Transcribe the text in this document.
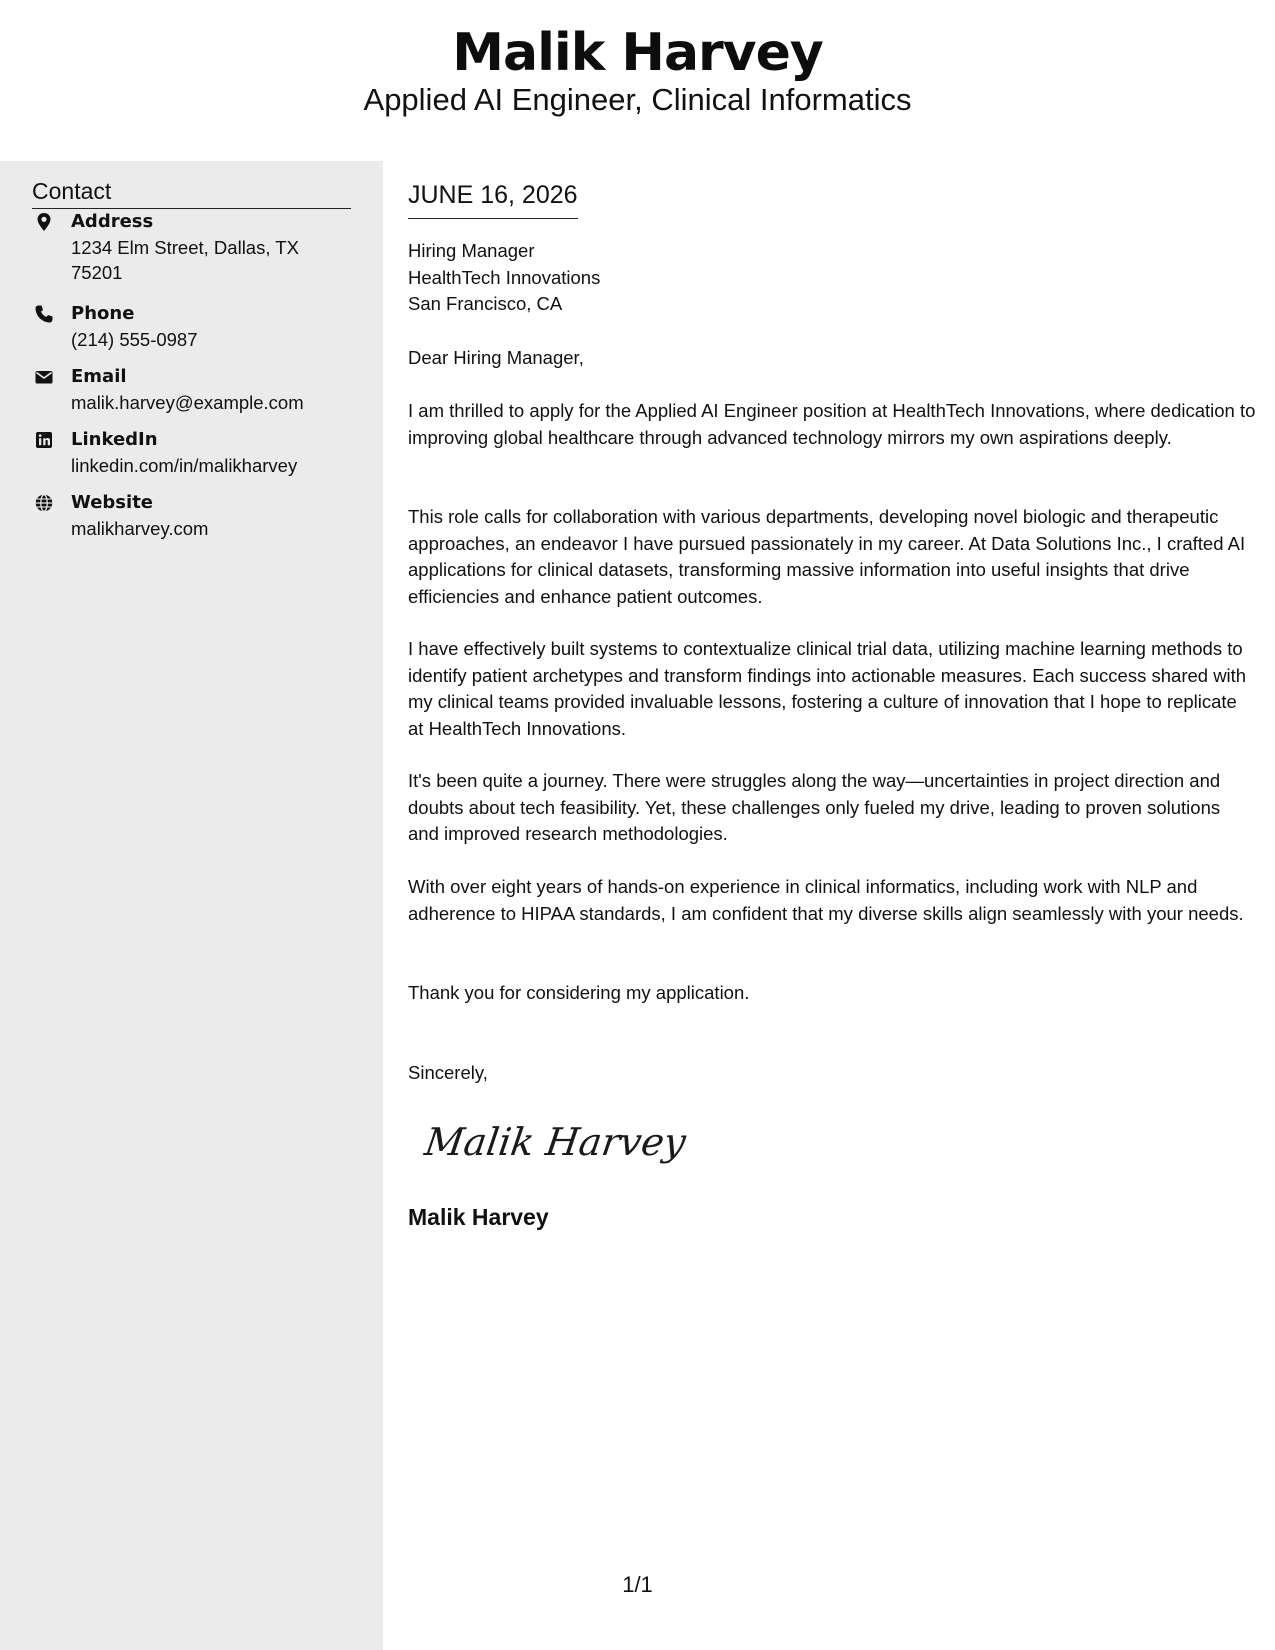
Malik Harvey
Applied AI Engineer, Clinical Informatics
Contact
Address
1234 Elm Street, Dallas, TX 75201
Phone
(214) 555-0987
Email
malik.harvey@example.com
LinkedIn
linkedin.com/in/malikharvey
Website
malikharvey.com
JUNE 16, 2026
Hiring Manager
HealthTech Innovations
San Francisco, CA

Dear Hiring Manager,

I am thrilled to apply for the Applied AI Engineer position at HealthTech Innovations, where dedication to improving global healthcare through advanced technology mirrors my own aspirations deeply.

This role calls for collaboration with various departments, developing novel biologic and therapeutic approaches, an endeavor I have pursued passionately in my career. At Data Solutions Inc., I crafted AI applications for clinical datasets, transforming massive information into useful insights that drive efficiencies and enhance patient outcomes.

I have effectively built systems to contextualize clinical trial data, utilizing machine learning methods to identify patient archetypes and transform findings into actionable measures. Each success shared with my clinical teams provided invaluable lessons, fostering a culture of innovation that I hope to replicate at HealthTech Innovations.

It's been quite a journey. There were struggles along the way—uncertainties in project direction and doubts about tech feasibility. Yet, these challenges only fueled my drive, leading to proven solutions and improved research methodologies.

With over eight years of hands-on experience in clinical informatics, including work with NLP and adherence to HIPAA standards, I am confident that my diverse skills align seamlessly with your needs.

Thank you for considering my application.

Sincerely,

Malik Harvey
Malik Harvey
1/1
